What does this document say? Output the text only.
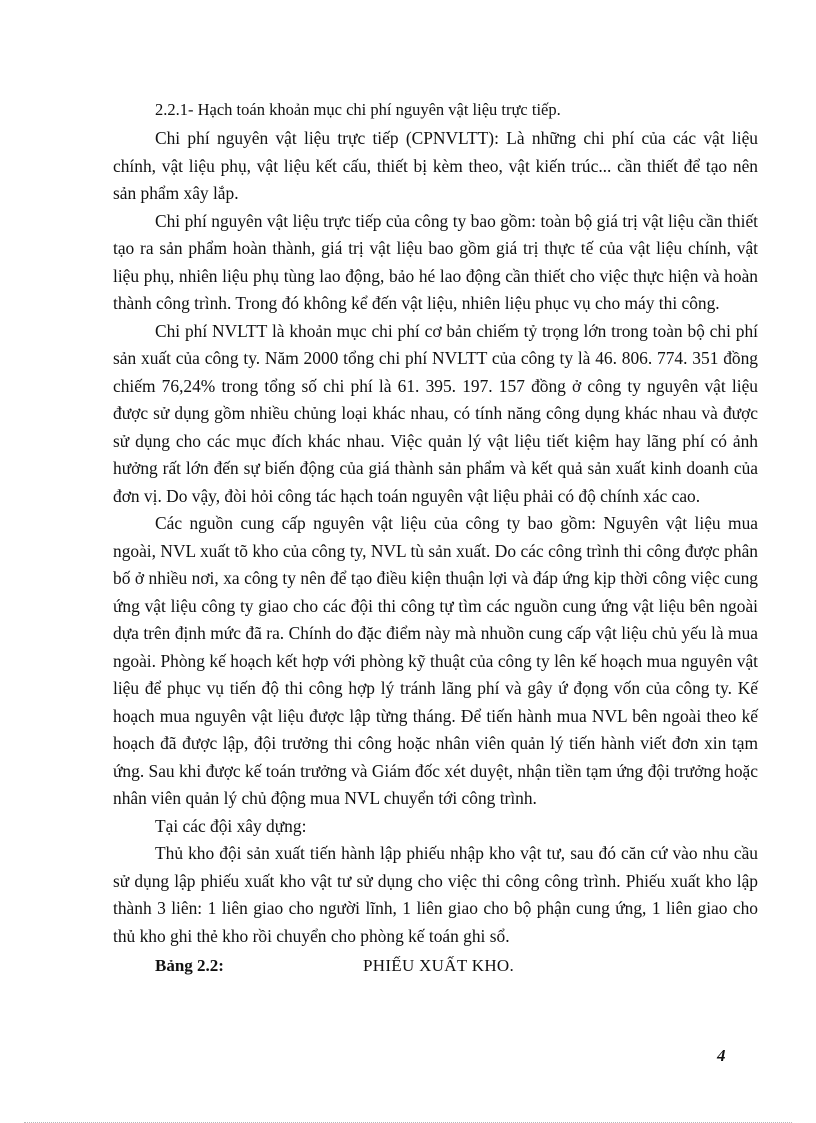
2.2.1- Hạch toán khoản mục chi phí nguyên vật liệu trực tiếp.

Chi phí nguyên vật liệu trực tiếp (CPNVLTT): Là những chi phí của các vật liệu chính, vật liệu phụ, vật liệu kết cấu, thiết bị kèm theo, vật kiến trúc... cần thiết để tạo nên sản phẩm xây lắp.

Chi phí nguyên vật liệu trực tiếp của công ty bao gồm: toàn bộ giá trị vật liệu cần thiết tạo ra sản phẩm hoàn thành, giá trị vật liệu bao gồm giá trị thực tế của vật liệu chính, vật liệu phụ, nhiên liệu phụ tùng lao động, bảo hé lao động cần thiết cho việc thực hiện và hoàn thành công trình. Trong đó không kể đến vật liệu, nhiên liệu phục vụ cho máy thi công.

Chi phí NVLTT là khoản mục chi phí cơ bản chiếm tỷ trọng lớn trong toàn bộ chi phí sản xuất của công ty. Năm 2000 tổng chi phí NVLTT của công ty là 46. 806. 774. 351 đồng chiếm 76,24% trong tổng số chi phí là 61. 395. 197. 157 đồng ở công ty nguyên vật liệu được sử dụng gồm nhiều chủng loại khác nhau, có tính năng công dụng khác nhau và được sử dụng cho các mục đích khác nhau. Việc quản lý vật liệu tiết kiệm hay lãng phí có ảnh hưởng rất lớn đến sự biến động của giá thành sản phẩm và kết quả sản xuất kinh doanh của đơn vị. Do vậy, đòi hỏi công tác hạch toán nguyên vật liệu phải có độ chính xác cao.

Các nguồn cung cấp nguyên vật liệu của công ty bao gồm: Nguyên vật liệu mua ngoài, NVL xuất tõ kho của công ty, NVL tù sản xuất. Do các công trình thi công được phân bố ở nhiều nơi, xa công ty nên để tạo điều kiện thuận lợi và đáp ứng kịp thời công việc cung ứng vật liệu công ty giao cho các đội thi công tự tìm các nguồn cung ứng vật liệu bên ngoài dựa trên định mức đã ra. Chính do đặc điểm này mà nhuồn cung cấp vật liệu chủ yếu là mua ngoài. Phòng kế hoạch kết hợp với phòng kỹ thuật của công ty lên kế hoạch mua nguyên vật liệu để phục vụ tiến độ thi công hợp lý tránh lãng phí và gây ứ đọng vốn của công ty. Kế hoạch mua nguyên vật liệu được lập từng tháng. Để tiến hành mua NVL bên ngoài theo kế hoạch đã được lập, đội trưởng thi công hoặc nhân viên quản lý tiến hành viết đơn xin tạm ứng. Sau khi được kế toán trưởng và Giám đốc xét duyệt, nhận tiền tạm ứng đội trưởng hoặc nhân viên quản lý chủ động mua NVL chuyển tới công trình.

Tại các đội xây dựng:

Thủ kho đội sản xuất tiến hành lập phiếu nhập kho vật tư, sau đó căn cứ vào nhu cầu sử dụng lập phiếu xuất kho vật tư sử dụng cho việc thi công công trình. Phiếu xuất kho lập thành 3 liên: 1 liên giao cho người lĩnh, 1 liên giao cho bộ phận cung ứng, 1 liên giao cho thủ kho ghi thẻ kho rồi chuyển cho phòng kế toán ghi sổ.

Bảng 2.2:	PHIẾU XUẤT KHO.
4
